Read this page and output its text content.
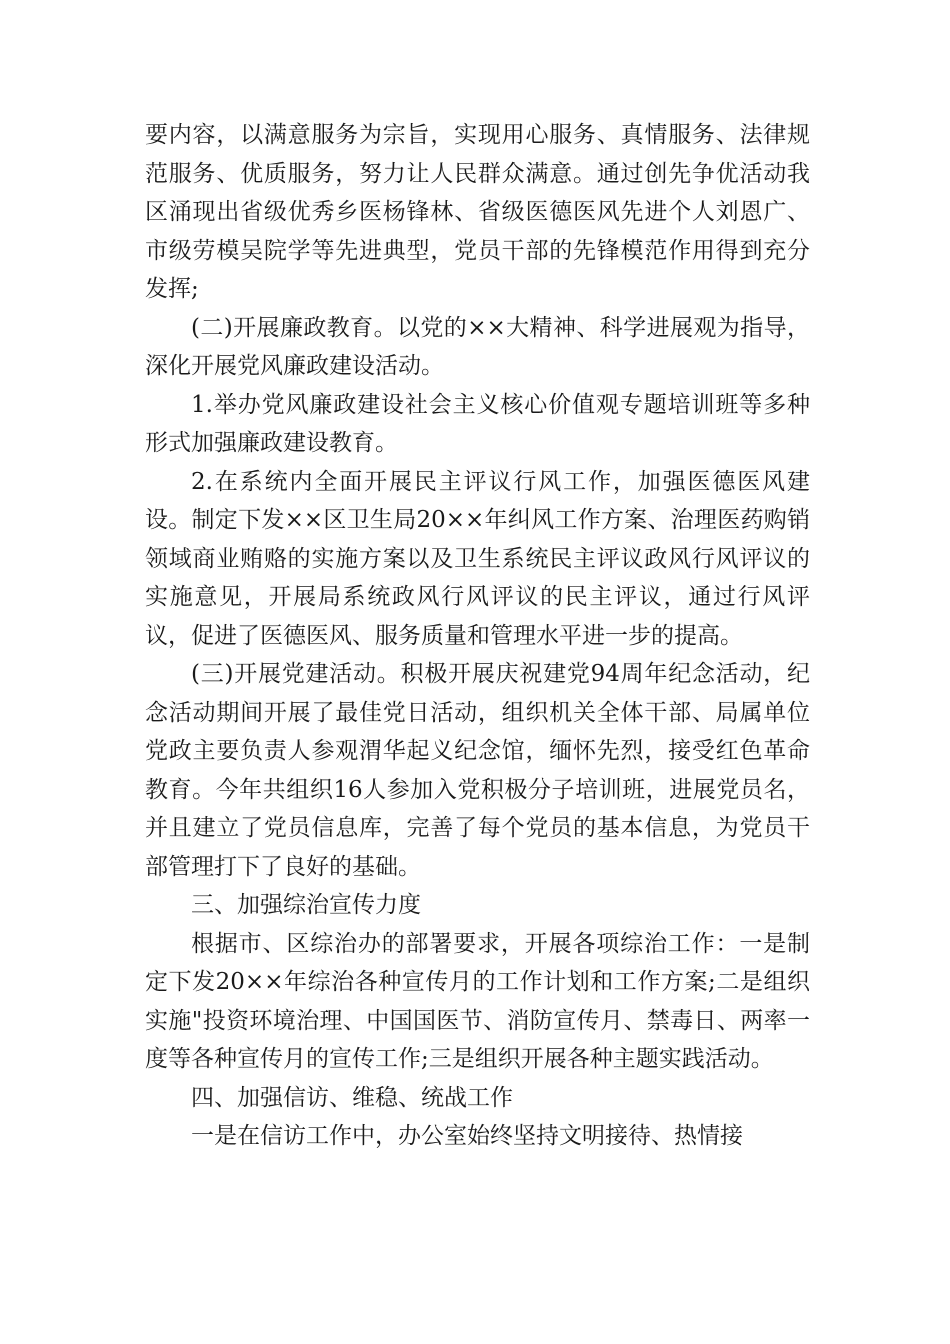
要内容，以满意服务为宗旨，实现用心服务、真情服务、法律规范服务、优质服务，努力让人民群众满意。通过创先争优活动我区涌现出省级优秀乡医杨锋林、省级医德医风先进个人刘恩广、市级劳模吴院学等先进典型，党员干部的先锋模范作用得到充分发挥;

(二)开展廉政教育。以党的××大精神、科学进展观为指导，深化开展党风廉政建设活动。

1.举办党风廉政建设社会主义核心价值观专题培训班等多种形式加强廉政建设教育。

2.在系统内全面开展民主评议行风工作，加强医德医风建设。制定下发××区卫生局20××年纠风工作方案、治理医药购销领域商业贿赂的实施方案以及卫生系统民主评议政风行风评议的实施意见，开展局系统政风行风评议的民主评议，通过行风评议，促进了医德医风、服务质量和管理水平进一步的提高。

(三)开展党建活动。积极开展庆祝建党94周年纪念活动，纪念活动期间开展了最佳党日活动，组织机关全体干部、局属单位党政主要负责人参观渭华起义纪念馆，缅怀先烈，接受红色革命教育。今年共组织16人参加入党积极分子培训班，进展党员名，并且建立了党员信息库，完善了每个党员的基本信息，为党员干部管理打下了良好的基础。

三、加强综治宣传力度

根据市、区综治办的部署要求，开展各项综治工作：一是制定下发20××年综治各种宣传月的工作计划和工作方案;二是组织实施"投资环境治理、中国国医节、消防宣传月、禁毒日、两率一度等各种宣传月的宣传工作;三是组织开展各种主题实践活动。

四、加强信访、维稳、统战工作

一是在信访工作中，办公室始终坚持文明接待、热情接
